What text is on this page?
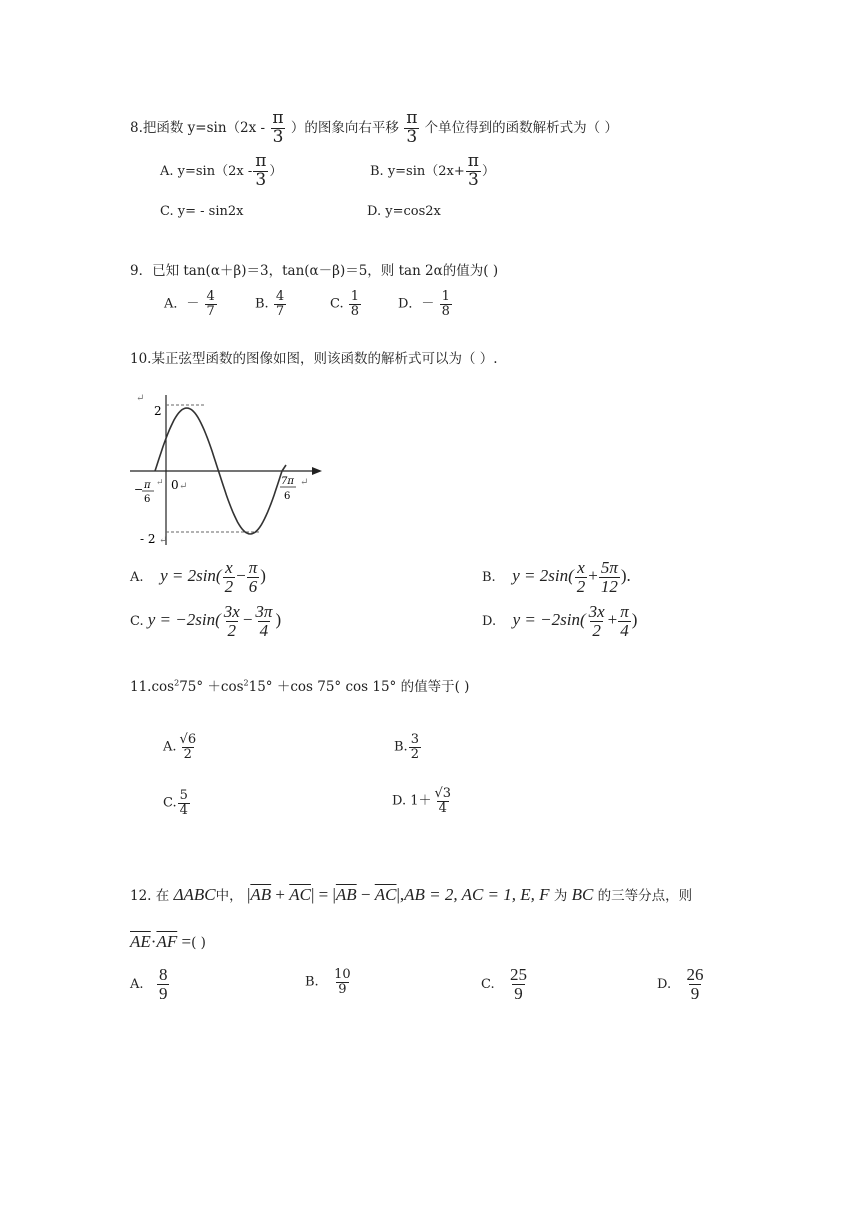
8.把函数 $y=\sin(2x - \frac{\pi}{3}$ ）的图象向右平移 $\frac{\pi}{3}$ 个单位得到的函数解析式为（ ）
A. $y=\sin(2x - \frac{\pi}{3}$ ）	B. $y=\sin(2x+ \frac{\pi}{3}$ ）
C. y= - sin2x	D. y=cos2x
9．已知 tan(α＋β)＝3，tan(α－β)＝5，则 tan 2α的值为( )
A．－ $\frac{4}{7}$	B. $\frac{4}{7}$	C. $\frac{1}{8}$	D．－ $\frac{1}{8}$
10.某正弦型函数的图像如图，则该函数的解析式可以为（ ）.
2
- 2
0
− π
6
7π
6
↵
↵
↵	↵
↵
A. $y = 2\sin( \frac{x}{2} - \frac{\pi}{6}$ )	B. $y = 2\sin( \frac{x}{2} + \frac{5\pi}{12}$ ).
C. $y = -2\sin( \frac{3x}{2} - \frac{3\pi}{4}$ )	D. $y = -2\sin( \frac{3x}{2} + \frac{\pi}{4}$ )
$11.\cos^275^\circ +\cos^215^\circ +\cos$ 75° cos 15° 的值等于( )
A. $\frac{√6}{2}$	B. $\frac{3}{2}$
C. $\frac{5}{4}$	D. $1+ \frac{√3}{4}$
12. 在 ΔABC中， $|\overline{AB} + \overline{AC}| = |\overline{AB} - \overline{AC}|,AB = 2$, AC = 1, E, F 为 BC 的三等分点，则
$\overline{AE}\cdot\overline{AF}$ =( )
A. $\frac{8}{9}$	B. $\frac{10}{9}$	C. $\frac{25}{9}$	D. $\frac{26}{9}$
